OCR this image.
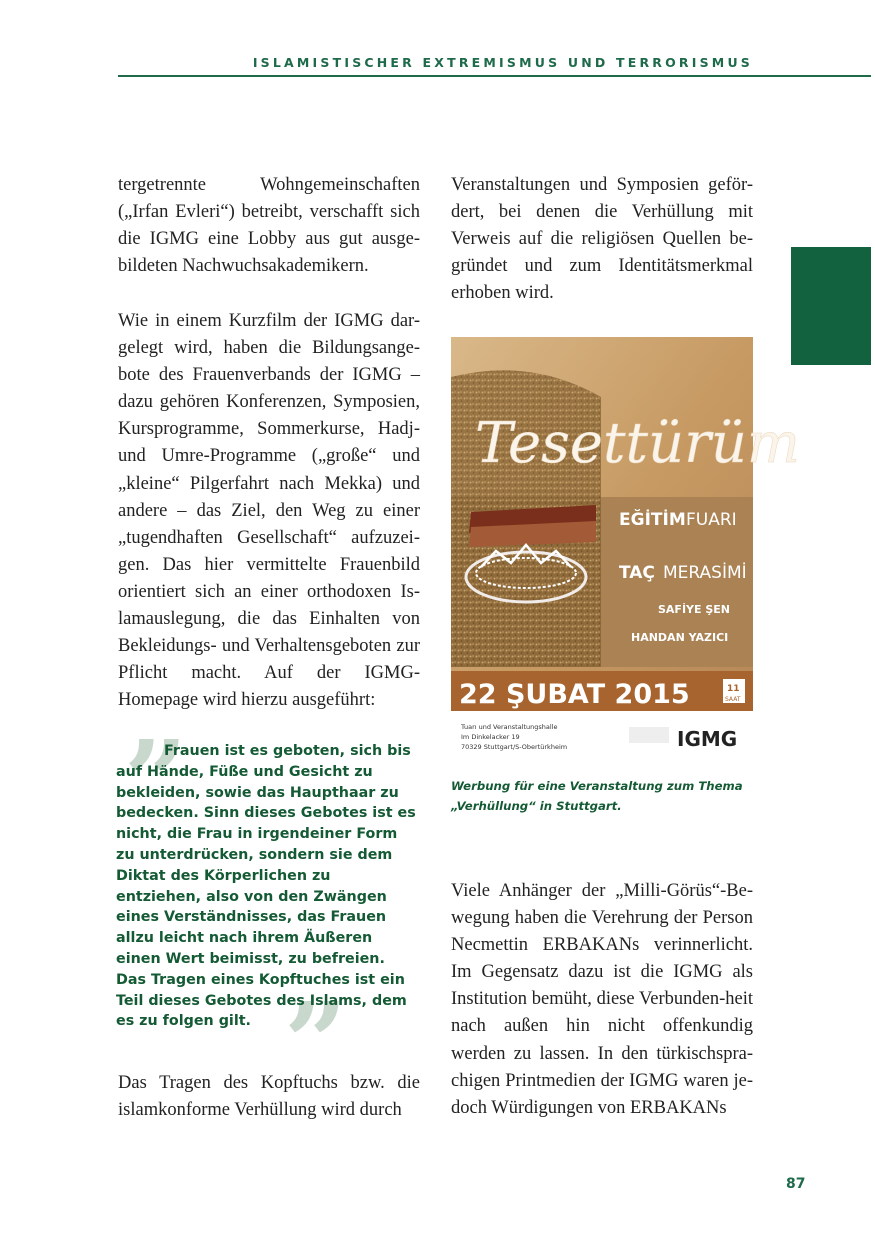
ISLAMISTISCHER EXTREMISMUS UND TERRORISMUS

tergetrennte Wohngemeinschaften („Irfan Evleri“) betreibt, verschafft sich die IGMG eine Lobby aus gut ausge-bildeten Nachwuchsakademikern.

Wie in einem Kurzfilm der IGMG dar-gelegt wird, haben die Bildungsange-bote des Frauenverbands der IGMG – dazu gehören Konferenzen, Symposien, Kursprogramme, Sommerkurse, Hadj- und Umre-Programme („große“ und „kleine“ Pilgerfahrt nach Mekka) und andere – das Ziel, den Weg zu einer „tugendhaften Gesellschaft“ aufzuzei-gen. Das hier vermittelte Frauenbild orientiert sich an einer orthodoxen Is-lamauslegung, die das Einhalten von Bekleidungs- und Verhaltensgeboten zur Pflicht macht. Auf der IGMG-Homepage wird hierzu ausgeführt:

”
”
Frauen ist es geboten, sich bis auf Hände, Füße und Gesicht zu bekleiden, sowie das Haupthaar zu bedecken. Sinn dieses Gebotes ist es nicht, die Frau in irgendeiner Form zu unterdrücken, sondern sie dem Diktat des Körperlichen zu entziehen, also von den Zwängen eines Verständnisses, das Frauen allzu leicht nach ihrem Äußeren einen Wert beimisst, zu befreien. Das Tragen eines Kopftuches ist ein Teil dieses Gebotes des Islams, dem es zu folgen gilt.

Das Tragen des Kopftuchs bzw. die islamkonforme Verhüllung wird durch

Veranstaltungen und Symposien geför-dert, bei denen die Verhüllung mit Verweis auf die religiösen Quellen be-gründet und zum Identitätsmerkmal erhoben wird.

Tesettürüm
EĞİTİM FUARI
TAÇ MERASİMİ
SAFİYE ŞEN
HANDAN YAZICI
22 ŞUBAT 2015	11
SAAT
Tuarı und Veranstaltungshalle
Im Dinkelacker 19
70329 Stuttgart/S-Obertürkheim	IGMG
Werbung für eine Veranstaltung zum Thema „Verhüllung“ in Stuttgart.

Viele Anhänger der „Milli-Görüs“-Be-wegung haben die Verehrung der Person Necmettin ERBAKANs verinnerlicht. Im Gegensatz dazu ist die IGMG als Institution bemüht, diese Verbunden-heit nach außen hin nicht offenkundig werden zu lassen. In den türkischspra-chigen Printmedien der IGMG waren je-doch Würdigungen von ERBAKANs

87
